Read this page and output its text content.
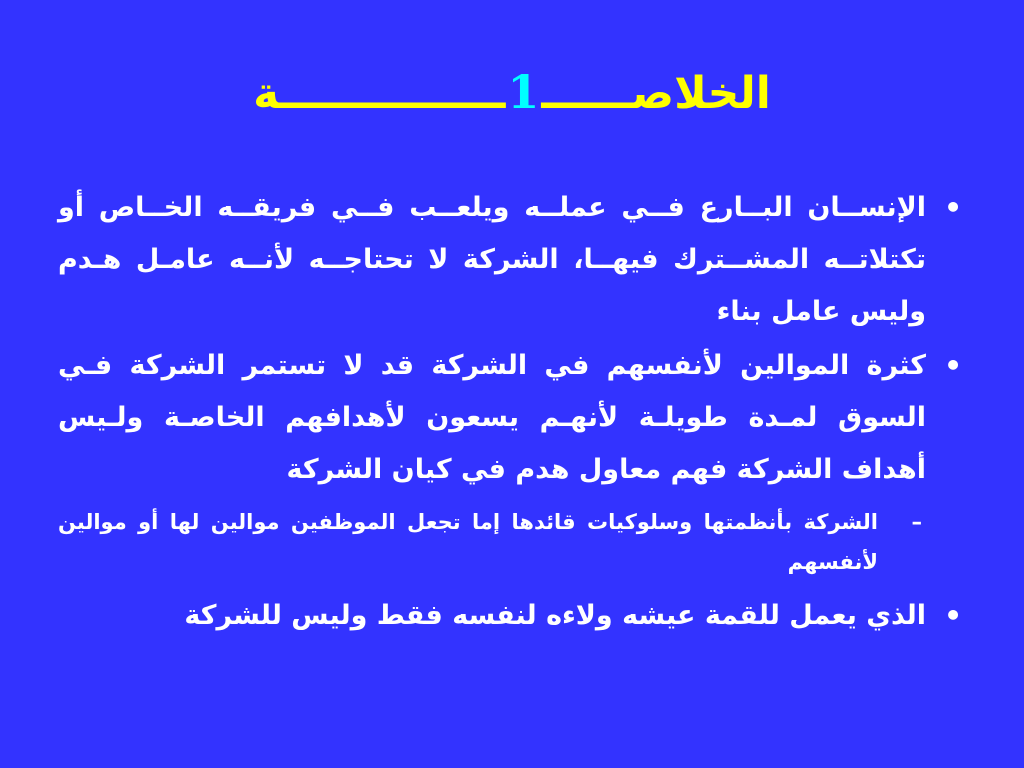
الخلاصــــــ1ـــــــــــــــة

•
الإنســان البــارع فــي عملــه ويلعــب فــي فريقــه الخــاص أو تكتلاتــه المشــترك فيهــا، الشركة لا تحتاجــه لأنــه عامـل هـدم وليس عامل بناء

•
كثرة الموالين لأنفسهم في الشركة قد لا تستمر الشركة فـي السوق لمـدة طويلـة لأنهـم يسعون لأهدافهم الخاصـة ولـيس أهداف الشركة فهم معاول هدم في كيان الشركة

–
الشركة بأنظمتها وسلوكيات قائدها إما تجعل الموظفين موالين لها أو موالين لأنفسهم

•
الذي يعمل للقمة عيشه ولاءه لنفسه فقط وليس للشركة
